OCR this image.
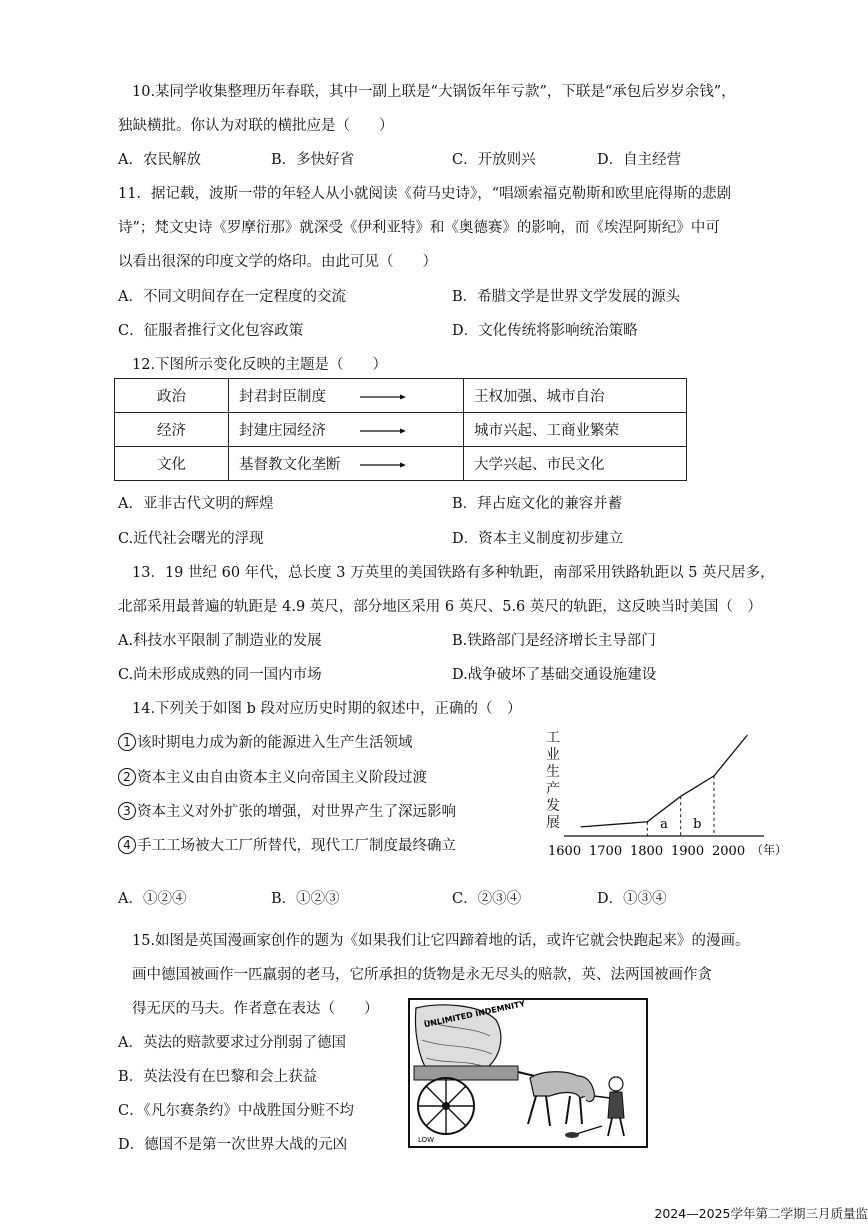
10.某同学收集整理历年春联，其中一副上联是“大锅饭年年亏款”，下联是“承包后岁岁余钱”，
独缺横批。你认为对联的横批应是（　　）
A．农民解放	B．多快好省	C．开放则兴	D．自主经营
11．据记载，波斯一带的年轻人从小就阅读《荷马史诗》，“唱颂索福克勒斯和欧里庇得斯的悲剧
诗”；梵文史诗《罗摩衍那》就深受《伊利亚特》和《奥德赛》的影响，而《埃涅阿斯纪》中可
以看出很深的印度文学的烙印。由此可见（　　）
A．不同文明间存在一定程度的交流	B．希腊文学是世界文学发展的源头
C．征服者推行文化包容政策	D．文化传统将影响统治策略
12.下图所示变化反映的主题是（　　）
政治	封君封臣制度	王权加强、城市自治
经济	封建庄园经济	城市兴起、工商业繁荣
文化	基督教文化垄断	大学兴起、市民文化
A．亚非古代文明的辉煌	B．拜占庭文化的兼容并蓄
C.近代社会曙光的浮现	D．资本主义制度初步建立
13．19 世纪 60 年代，总长度 3 万英里的美国铁路有多种轨距，南部采用铁路轨距以 5 英尺居多，
北部采用最普遍的轨距是 4.9 英尺，部分地区采用 6 英尺、5.6 英尺的轨距，这反映当时美国（　）
A.科技水平限制了制造业的发展	B.铁路部门是经济增长主导部门
C.尚未形成成熟的同一国内市场	D.战争破坏了基础交通设施建设
14.下列关于如图 b 段对应历史时期的叙述中，正确的（　）
1 该时期电力成为新的能源进入生产生活领域
2 资本主义由自由资本主义向帝国主义阶段过渡
3 资本主义对外扩张的增强，对世界产生了深远影响
4 手工工场被大工厂所替代，现代工厂制度最终确立
工业生产发展	a b
1600 1700 1800 1900 2000 （年）
A．①②④	B．①②③	C．②③④	D．①③④
15.如图是英国漫画家创作的题为《如果我们让它四蹄着地的话，或许它就会快跑起来》的漫画。
画中德国被画作一匹羸弱的老马，它所承担的货物是永无尽头的赔款，英、法两国被画作贪
得无厌的马夫。作者意在表达（　　）
A．英法的赔款要求过分削弱了德国
B．英法没有在巴黎和会上获益
C．《凡尔赛条约》中战胜国分赃不均
D．德国不是第一次世界大战的元凶
UNLIMITED INDEMNITY
LOW
2024—2025学年第二学期三月质量监
